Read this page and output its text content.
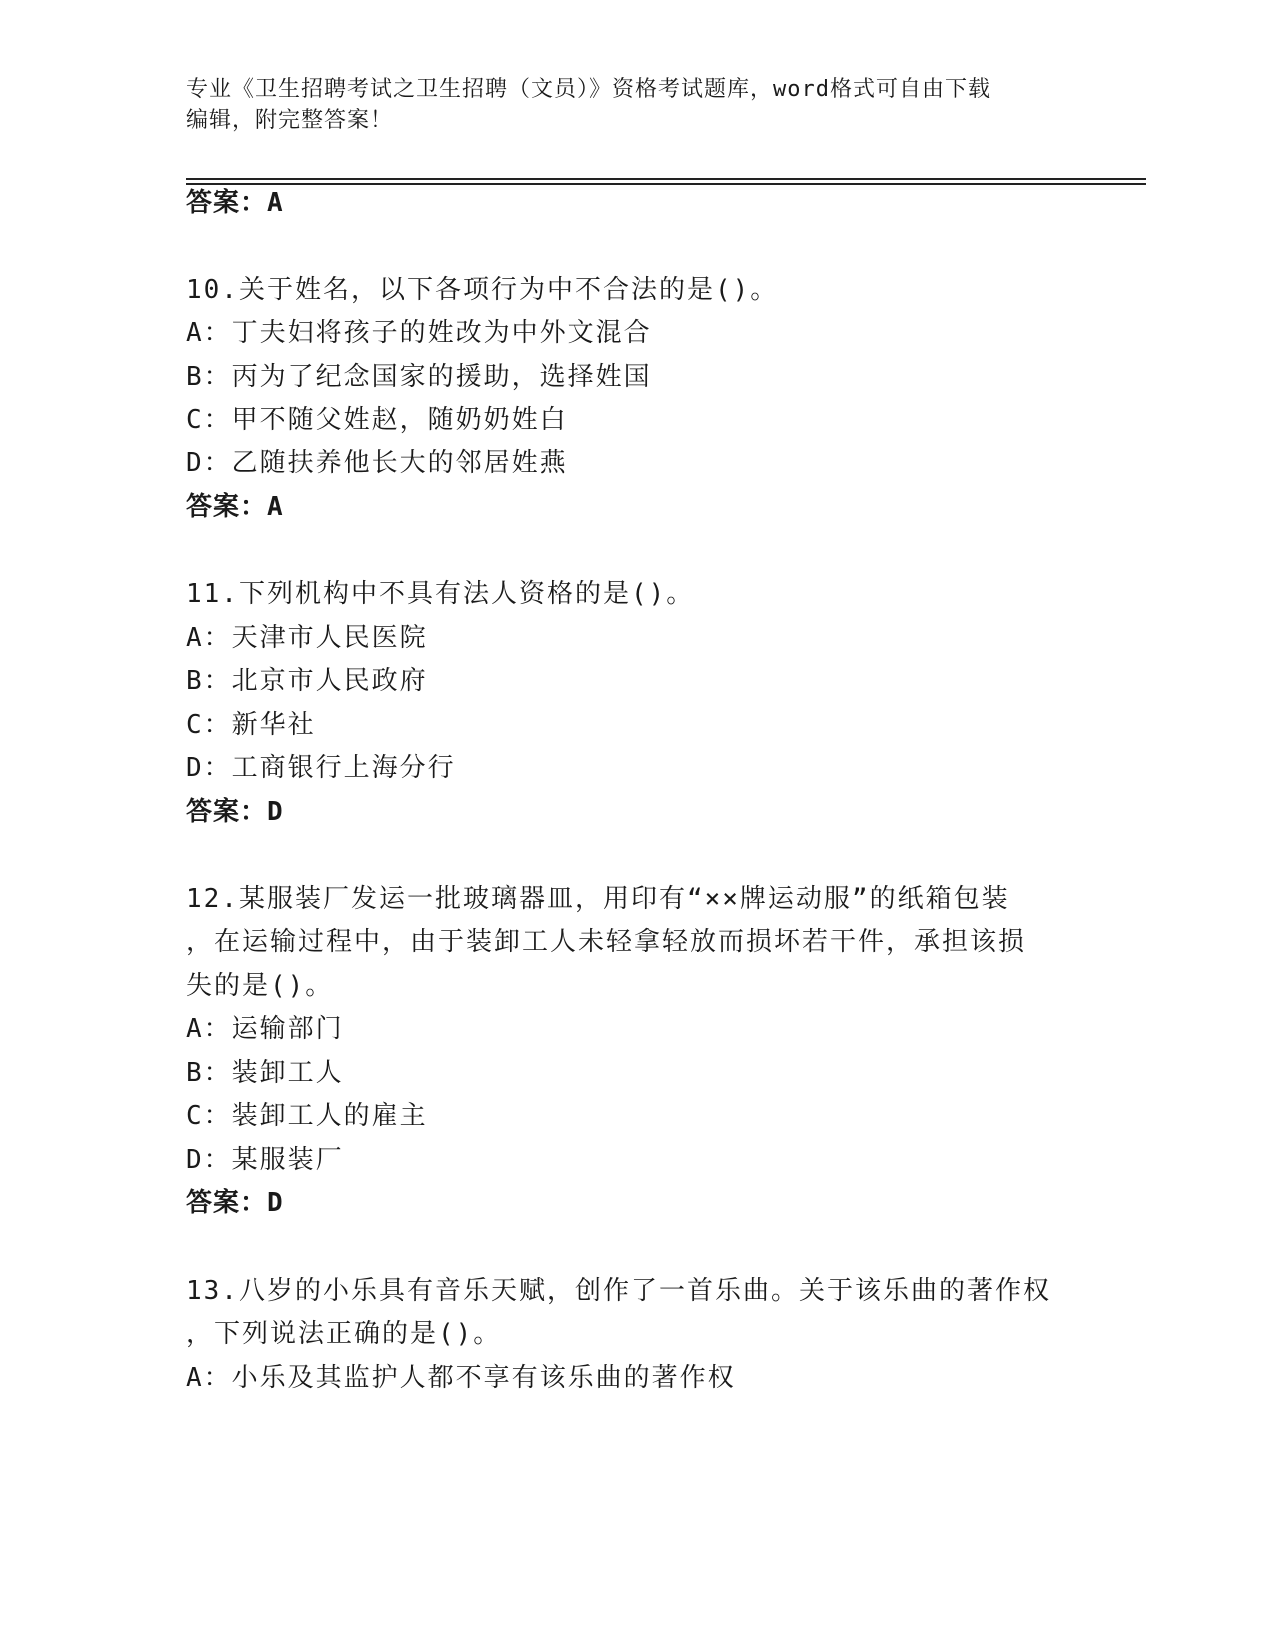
专业《卫生招聘考试之卫生招聘（文员）》资格考试题库，word格式可自由下载
编辑，附完整答案！
答案：A
10.关于姓名，以下各项行为中不合法的是()。
A：丁夫妇将孩子的姓改为中外文混合
B：丙为了纪念国家的援助，选择姓国
C：甲不随父姓赵，随奶奶姓白
D：乙随扶养他长大的邻居姓燕
答案：A
11.下列机构中不具有法人资格的是()。
A：天津市人民医院
B：北京市人民政府
C：新华社
D：工商银行上海分行
答案：D
12.某服装厂发运一批玻璃器皿，用印有“××牌运动服”的纸箱包装
，在运输过程中，由于装卸工人未轻拿轻放而损坏若干件，承担该损
失的是()。
A：运输部门
B：装卸工人
C：装卸工人的雇主
D：某服装厂
答案：D
13.八岁的小乐具有音乐天赋，创作了一首乐曲。关于该乐曲的著作权
，下列说法正确的是()。
A：小乐及其监护人都不享有该乐曲的著作权
